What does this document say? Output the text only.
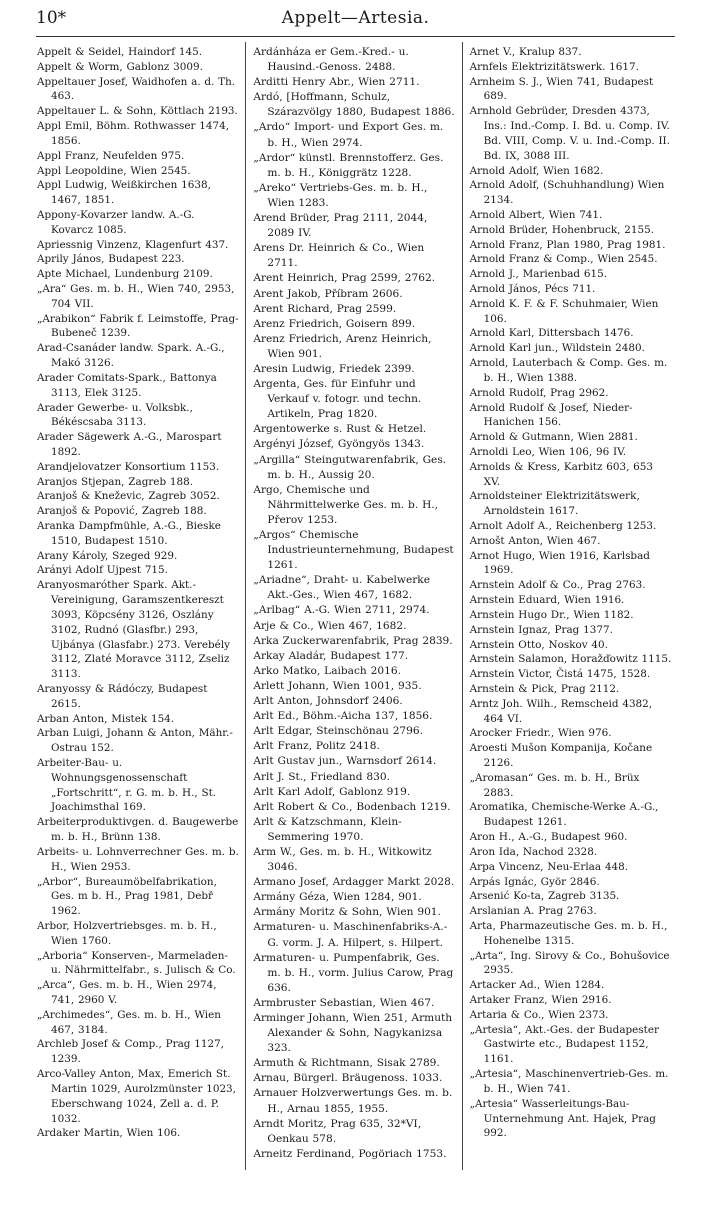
10*	Appelt—Artesia.
Appelt & Seidel, Haindorf 145.
Appelt & Worm, Gablonz 3009.
Appeltauer Josef, Waidhofen a. d. Th. 463.
Appeltauer L. & Sohn, Köttlach 2193.
Appl Emil, Böhm. Rothwasser 1474, 1856.
Appl Franz, Neufelden 975.
Appl Leopoldine, Wien 2545.
Appl Ludwig, Weißkirchen 1638, 1467, 1851.
Appony-Kovarzer landw. A.-G. Kovarcz 1085.
Apriessnig Vinzenz, Klagenfurt 437.
Aprily János, Budapest 223.
Apte Michael, Lundenburg 2109.
„Ara“ Ges. m. b. H., Wien 740, 2953, 704 VII.
„Arabikon“ Fabrik f. Leimstoffe, Prag-Bubeneč 1239.
Arad-Csanáder landw. Spark. A.-G., Makó 3126.
Arader Comitats-Spark., Battonya 3113, Elek 3125.
Arader Gewerbe- u. Volksbk., Békéscsaba 3113.
Arader Sägewerk A.-G., Marospart 1892.
Arandjelovatzer Konsortium 1153.
Aranjos Stjepan, Zagreb 188.
Aranjoš & Kneževic, Zagreb 3052.
Aranjoš & Popović, Zagreb 188.
Aranka Dampfmühle, A.-G., Bieske 1510, Budapest 1510.
Arany Károly, Szeged 929.
Arányi Adolf Ujpest 715.
Aranyosmaróther Spark. Akt.-Vereinigung, Garamszentkereszt 3093, Köpcsény 3126, Oszlány 3102, Rudnó (Glasfbr.) 293, Ujbánya (Glasfabr.) 273. Verebély 3112, Zlaté Moravce 3112, Zseliz 3113.
Aranyossy & Rádóczy, Budapest 2615.
Arban Anton, Mistek 154.
Arban Luigi, Johann & Anton, Mähr.-Ostrau 152.
Arbeiter-Bau- u. Wohnungsgenossenschaft „Fortschritt“, r. G. m. b. H., St. Joachimsthal 169.
Arbeiterproduktivgen. d. Baugewerbe m. b. H., Brünn 138.
Arbeits- u. Lohnverrechner Ges. m. b. H., Wien 2953.
„Arbor“, Bureaumöbelfabrikation, Ges. m b. H., Prag 1981, Debř 1962.
Arbor, Holzvertriebsges. m. b. H., Wien 1760.
„Arboria“ Konserven-, Marmeladen- u. Nährmittelfabr., s. Julisch & Co.
„Arca“, Ges. m. b. H., Wien 2974, 741, 2960 V.
„Archimedes“, Ges. m. b. H., Wien 467, 3184.
Archleb Josef & Comp., Prag 1127, 1239.
Arco-Valley Anton, Max, Emerich St. Martin 1029, Aurolzmünster 1023, Eberschwang 1024, Zell a. d. P. 1032.
Ardaker Martin, Wien 106.
Ardánháza er Gem.-Kred.- u. Hausind.-Genoss. 2488.
Arditti Henry Abr., Wien 2711.
Ardó, [Hoffmann, Schulz, Szárazvölgy 1880, Budapest 1886.
„Ardo“ Import- und Export Ges. m. b. H., Wien 2974.
„Ardor“ künstl. Brennstofferz. Ges. m. b. H., Königgrätz 1228.
„Areko“ Vertriebs-Ges. m. b. H., Wien 1283.
Arend Brüder, Prag 2111, 2044, 2089 IV.
Arens Dr. Heinrich & Co., Wien 2711.
Arent Heinrich, Prag 2599, 2762.
Arent Jakob, Příbram 2606.
Arent Richard, Prag 2599.
Arenz Friedrich, Goisern 899.
Arenz Friedrich, Arenz Heinrich, Wien 901.
Aresin Ludwig, Friedek 2399.
Argenta, Ges. für Einfuhr und Verkauf v. fotogr. und techn. Artikeln, Prag 1820.
Argentowerke s. Rust & Hetzel.
Argényi József, Gyöngyös 1343.
„Argilla“ Steingutwarenfabrik, Ges. m. b. H., Aussig 20.
Argo, Chemische und Nährmittelwerke Ges. m. b. H., Přerov 1253.
„Argos“ Chemische Industrieunternehmung, Budapest 1261.
„Ariadne“, Draht- u. Kabelwerke Akt.-Ges., Wien 467, 1682.
„Arlbag“ A.-G. Wien 2711, 2974.
Arje & Co., Wien 467, 1682.
Arka Zuckerwarenfabrik, Prag 2839.
Arkay Aladár, Budapest 177.
Arko Matko, Laibach 2016.
Arlett Johann, Wien 1001, 935.
Arlt Anton, Johnsdorf 2406.
Arlt Ed., Böhm.-Aicha 137, 1856.
Arlt Edgar, Steinschönau 2796.
Arlt Franz, Politz 2418.
Arlt Gustav jun., Warnsdorf 2614.
Arlt J. St., Friedland 830.
Arlt Karl Adolf, Gablonz 919.
Arlt Robert & Co., Bodenbach 1219.
Arlt & Katzschmann, Klein-Semmering 1970.
Arm W., Ges. m. b. H., Witkowitz 3046.
Armano Josef, Ardagger Markt 2028.
Armány Géza, Wien 1284, 901.
Armány Moritz & Sohn, Wien 901.
Armaturen- u. Maschinenfabriks-A.-G. vorm. J. A. Hilpert, s. Hilpert.
Armaturen- u. Pumpenfabrik, Ges. m. b. H., vorm. Julius Carow, Prag 636.
Armbruster Sebastian, Wien 467.
Arminger Johann, Wien 251, Armuth Alexander & Sohn, Nagykanizsa 323.
Armuth & Richtmann, Sisak 2789.
Arnau, Bürgerl. Bräugenoss. 1033.
Arnauer Holzverwertungs Ges. m. b. H., Arnau 1855, 1955.
Arndt Moritz, Prag 635, 32*VI, Oenkau 578.
Arneitz Ferdinand, Pogöriach 1753.
Arnet V., Kralup 837.
Arnfels Elektrizitätswerk. 1617.
Arnheim S. J., Wien 741, Budapest 689.
Arnhold Gebrüder, Dresden 4373, Ins.: Ind.-Comp. I. Bd. u. Comp. IV. Bd. VIII, Comp. V. u. Ind.-Comp. II. Bd. IX, 3088 III.
Arnold Adolf, Wien 1682.
Arnold Adolf, (Schuhhandlung) Wien 2134.
Arnold Albert, Wien 741.
Arnold Brüder, Hohenbruck, 2155.
Arnold Franz, Plan 1980, Prag 1981.
Arnold Franz & Comp., Wien 2545.
Arnold J., Marienbad 615.
Arnold János, Pécs 711.
Arnold K. F. & F. Schuhmaier, Wien 106.
Arnold Karl, Dittersbach 1476.
Arnold Karl jun., Wildstein 2480.
Arnold, Lauterbach & Comp. Ges. m. b. H., Wien 1388.
Arnold Rudolf, Prag 2962.
Arnold Rudolf & Josef, Nieder-Hanichen 156.
Arnold & Gutmann, Wien 2881.
Arnoldi Leo, Wien 106, 96 IV.
Arnolds & Kress, Karbitz 603, 653 XV.
Arnoldsteiner Elektrizitätswerk, Arnoldstein 1617.
Arnolt Adolf A., Reichenberg 1253.
Arnošt Anton, Wien 467.
Arnot Hugo, Wien 1916, Karlsbad 1969.
Arnstein Adolf & Co., Prag 2763.
Arnstein Eduard, Wien 1916.
Arnstein Hugo Dr., Wien 1182.
Arnstein Ignaz, Prag 1377.
Arnstein Otto, Noskov 40.
Arnstein Salamon, Horažďowitz 1115.
Arnstein Victor, Čistá 1475, 1528.
Arnstein & Pick, Prag 2112.
Arntz Joh. Wilh., Remscheid 4382, 464 VI.
Arocker Friedr., Wien 976.
Aroesti Mušon Kompanija, Kočane 2126.
„Aromasan“ Ges. m. b. H., Brüx 2883.
Aromatika, Chemische-Werke A.-G., Budapest 1261.
Aron H., A.-G., Budapest 960.
Aron Ida, Nachod 2328.
Arpa Vincenz, Neu-Erlaa 448.
Arpás Ignác, Györ 2846.
Arsenić Ko-ta, Zagreb 3135.
Arslanian A. Prag 2763.
Arta, Pharmazeutische Ges. m. b. H., Hohenelbe 1315.
„Arta“, Ing. Sirovy & Co., Bohušovice 2935.
Artacker Ad., Wien 1284.
Artaker Franz, Wien 2916.
Artaria & Co., Wien 2373.
„Artesia“, Akt.-Ges. der Budapester Gastwirte etc., Budapest 1152, 1161.
„Artesia“, Maschinenvertrieb-Ges. m. b. H., Wien 741.
„Artesia“ Wasserleitungs-Bau-Unternehmung Ant. Hajek, Prag 992.
